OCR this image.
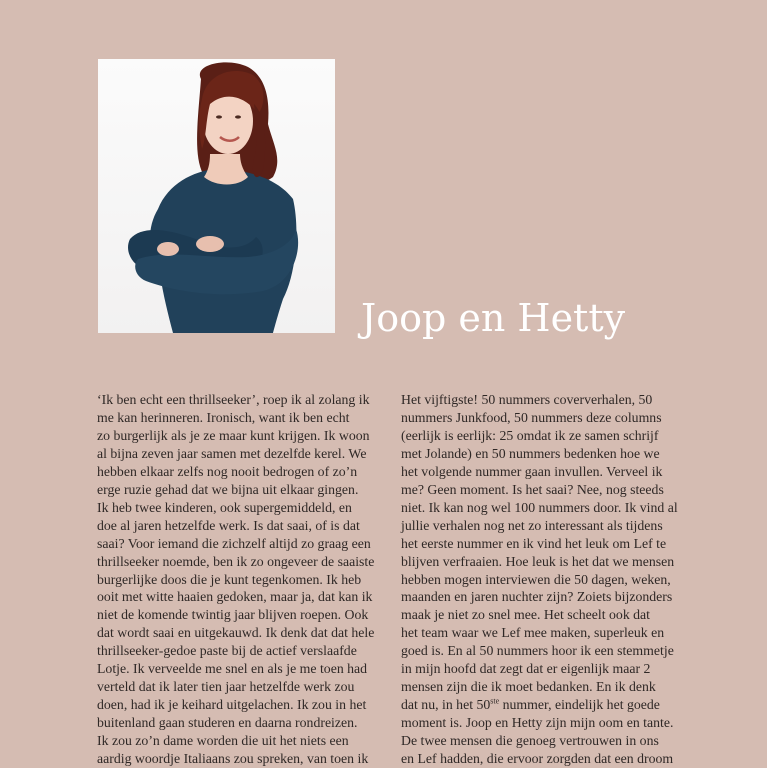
Joop en Hetty
‘Ik ben echt een thrillseeker’, roep ik al zolang ik
me kan herinneren. Ironisch, want ik ben echt
zo burgerlijk als je ze maar kunt krijgen. Ik woon
al bijna zeven jaar samen met dezelfde kerel. We
hebben elkaar zelfs nog nooit bedrogen of zo’n
erge ruzie gehad dat we bijna uit elkaar gingen.
Ik heb twee kinderen, ook supergemiddeld, en
doe al jaren hetzelfde werk. Is dat saai, of is dat
saai? Voor iemand die zichzelf altijd zo graag een
thrillseeker noemde, ben ik zo ongeveer de saaiste
burgerlijke doos die je kunt tegenkomen. Ik heb
ooit met witte haaien gedoken, maar ja, dat kan ik
niet de komende twintig jaar blijven roepen. Ook
dat wordt saai en uitgekauwd. Ik denk dat dat hele
thrillseeker-gedoe paste bij de actief verslaafde
Lotje. Ik verveelde me snel en als je me toen had
verteld dat ik later tien jaar hetzelfde werk zou
doen, had ik je keihard uitgelachen. Ik zou in het
buitenland gaan studeren en daarna rondreizen.
Ik zou zo’n dame worden die uit het niets een
aardig woordje Italiaans zou spreken, van toen ik
Het vijftigste! 50 nummers coververhalen, 50
nummers Junkfood, 50 nummers deze columns
(eerlijk is eerlijk: 25 omdat ik ze samen schrijf
met Jolande) en 50 nummers bedenken hoe we
het volgende nummer gaan invullen. Verveel ik
me? Geen moment. Is het saai? Nee, nog steeds
niet. Ik kan nog wel 100 nummers door. Ik vind al
jullie verhalen nog net zo interessant als tijdens
het eerste nummer en ik vind het leuk om Lef te
blijven verfraaien. Hoe leuk is het dat we mensen
hebben mogen interviewen die 50 dagen, weken,
maanden en jaren nuchter zijn? Zoiets bijzonders
maak je niet zo snel mee. Het scheelt ook dat
het team waar we Lef mee maken, superleuk en
goed is. En al 50 nummers hoor ik een stemmetje
in mijn hoofd dat zegt dat er eigenlijk maar 2
mensen zijn die ik moet bedanken. En ik denk
dat nu, in het 50ste nummer, eindelijk het goede
moment is. Joop en Hetty zijn mijn oom en tante.
De twee mensen die genoeg vertrouwen in ons
en Lef hadden, die ervoor zorgden dat een droom
